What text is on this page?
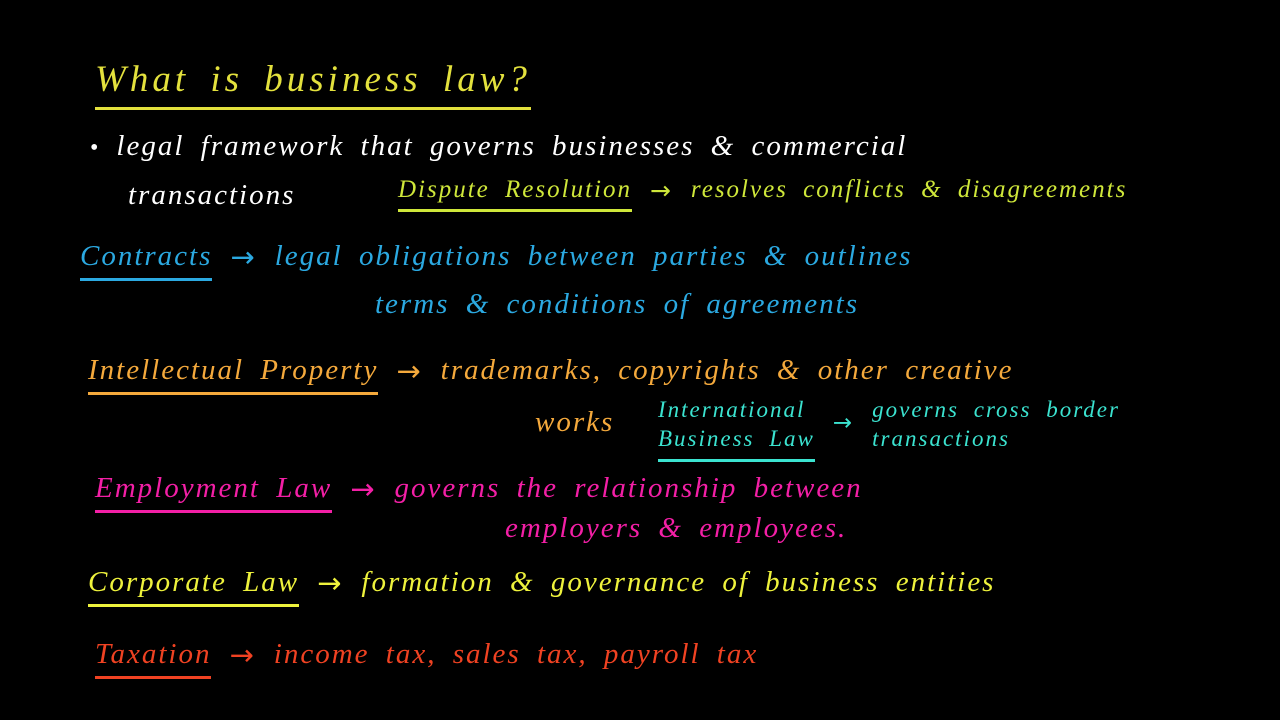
What is business law?
• legal framework that governs businesses & commercial
transactions	Dispute Resolution → resolves conflicts & disagreements
Contracts → legal obligations between parties & outlines
terms & conditions of agreements
Intellectual Property → trademarks, copyrights & other creative
works International
Business Law
→
governs cross border
transactions
Employment Law → governs the relationship between
employers & employees.
Corporate Law → formation & governance of business entities
Taxation → income tax, sales tax, payroll tax
